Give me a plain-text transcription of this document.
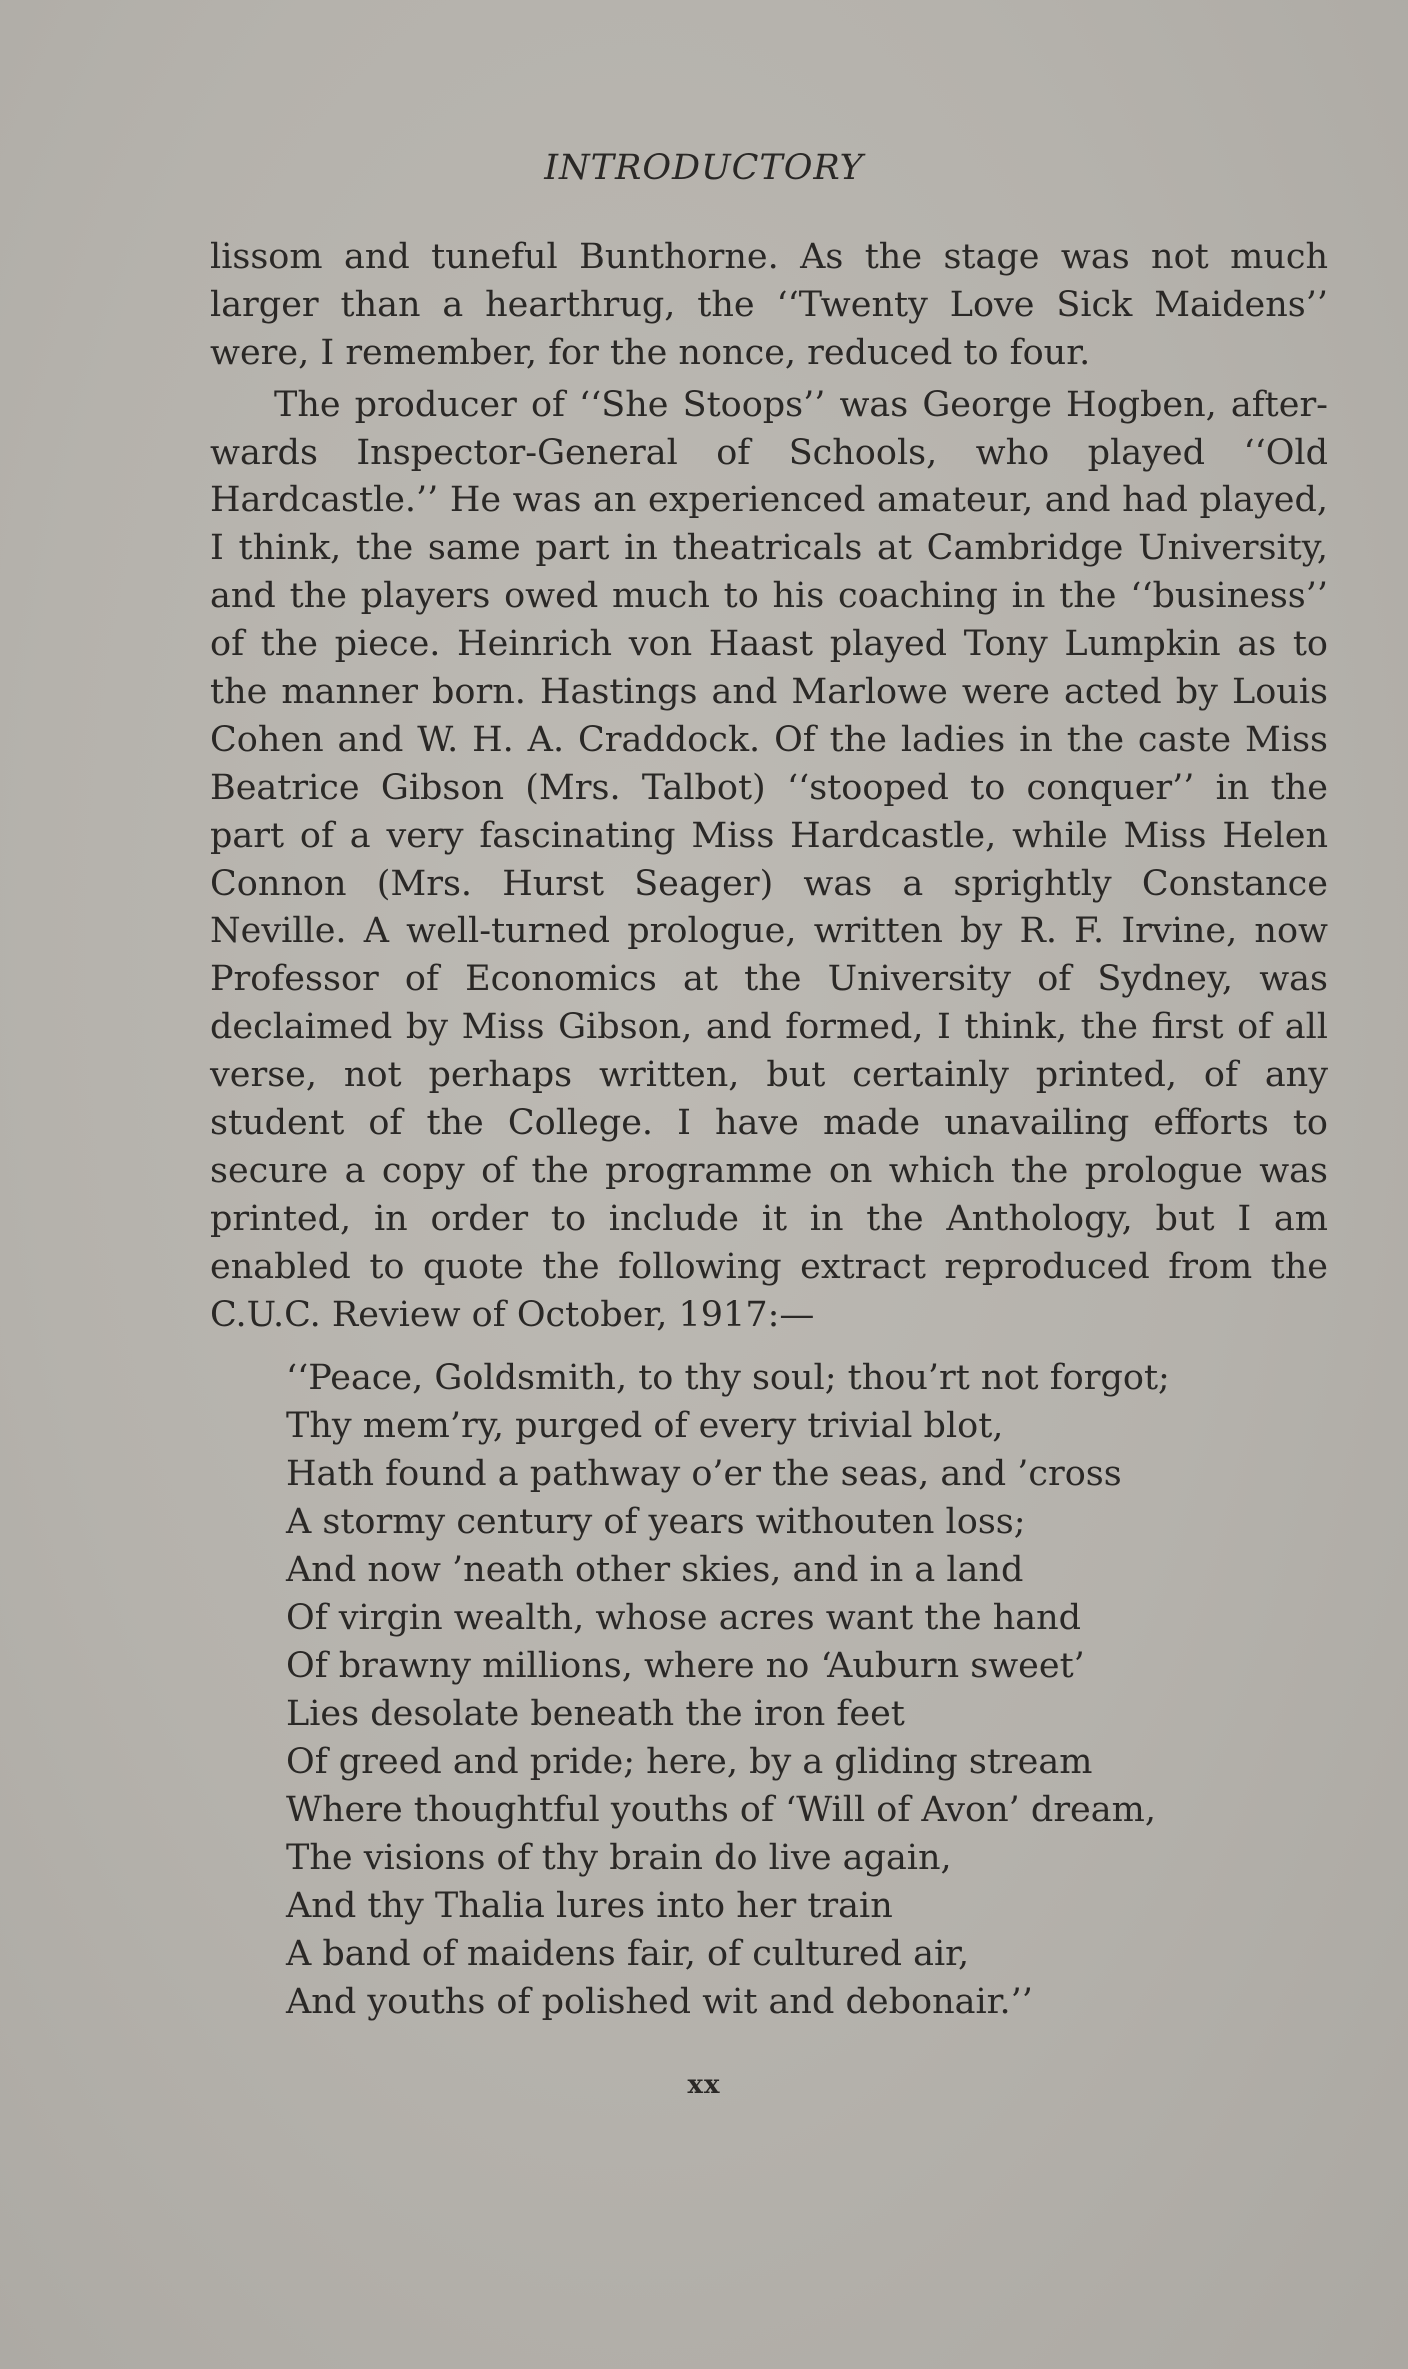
INTRODUCTORY
lissom and tuneful Bunthorne. As the stage was not much
larger than a hearthrug, the ‘‘Twenty Love Sick Maidens’’
were, I remember, for the nonce, reduced to four.
The producer of ‘‘She Stoops’’ was George Hogben, after-
wards Inspector-General of Schools, who played ‘‘Old
Hardcastle.’’ He was an experienced amateur, and had played,
I think, the same part in theatricals at Cambridge University,
and the players owed much to his coaching in the ‘‘business’’
of the piece. Heinrich von Haast played Tony Lumpkin as to
the manner born. Hastings and Marlowe were acted by Louis
Cohen and W. H. A. Craddock. Of the ladies in the caste Miss
Beatrice Gibson (Mrs. Talbot) ‘‘stooped to conquer’’ in the
part of a very fascinating Miss Hardcastle, while Miss Helen
Connon (Mrs. Hurst Seager) was a sprightly Constance
Neville. A well-turned prologue, written by R. F. Irvine, now
Professor of Economics at the University of Sydney, was
declaimed by Miss Gibson, and formed, I think, the first of all
verse, not perhaps written, but certainly printed, of any
student of the College. I have made unavailing efforts to
secure a copy of the programme on which the prologue was
printed, in order to include it in the Anthology, but I am
enabled to quote the following extract reproduced from the
C.U.C. Review of October, 1917:—
‘‘Peace, Goldsmith, to thy soul; thou’rt not forgot;
Thy mem’ry, purged of every trivial blot,
Hath found a pathway o’er the seas, and ’cross
A stormy century of years withouten loss;
And now ’neath other skies, and in a land
Of virgin wealth, whose acres want the hand
Of brawny millions, where no ‘Auburn sweet’
Lies desolate beneath the iron feet
Of greed and pride; here, by a gliding stream
Where thoughtful youths of ‘Will of Avon’ dream,
The visions of thy brain do live again,
And thy Thalia lures into her train
A band of maidens fair, of cultured air,
And youths of polished wit and debonair.’’
xx
